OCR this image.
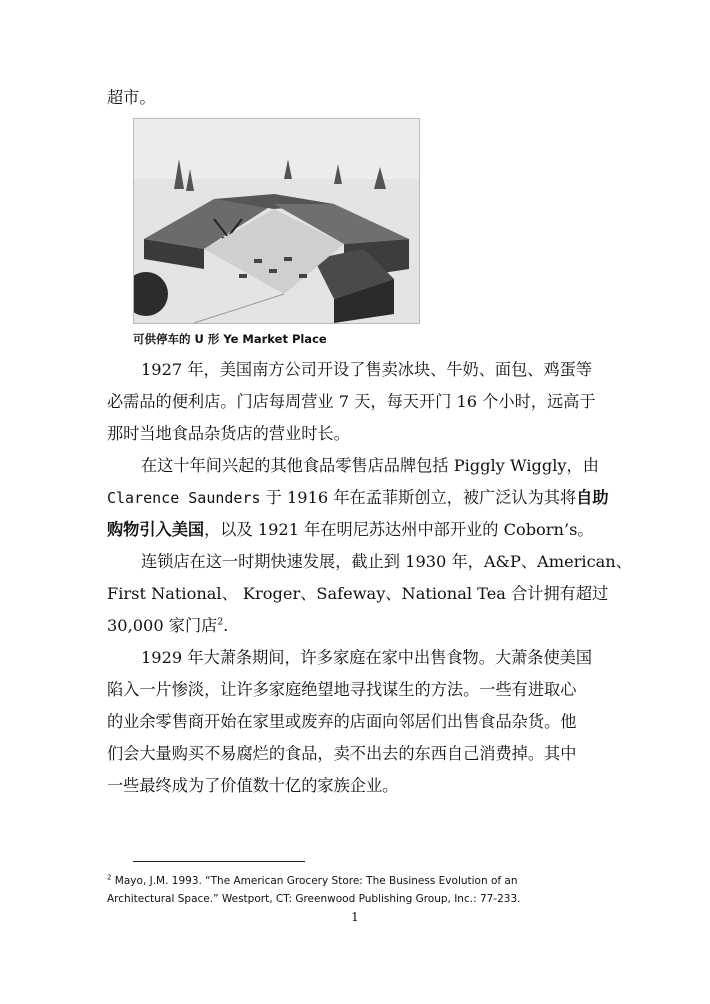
超市。
可供停车的 U 形 Ye Market Place
1927 年，美国南方公司开设了售卖冰块、牛奶、面包、鸡蛋等
必需品的便利店。门店每周营业 7 天，每天开门 16 个小时，远高于
那时当地食品杂货店的营业时长。
在这十年间兴起的其他食品零售店品牌包括 Piggly Wiggly，由
Clarence Saunders 于 1916 年在孟菲斯创立，被广泛认为其将自助
购物引入美国，以及 1921 年在明尼苏达州中部开业的 Coborn’s。
连锁店在这一时期快速发展，截止到 1930 年，A&P、American、
First National、 Kroger、Safeway、National Tea 合计拥有超过
30,000 家门店$^2$.
1929 年大萧条期间，许多家庭在家中出售食物。大萧条使美国
陷入一片惨淡，让许多家庭绝望地寻找谋生的方法。一些有进取心
的业余零售商开始在家里或废弃的店面向邻居们出售食品杂货。他
们会大量购买不易腐烂的食品，卖不出去的东西自己消费掉。其中
一些最终成为了价值数十亿的家族企业。
$^2$ Mayo, J.M. 1993. “The American Grocery Store: The Business Evolution of an
Architectural Space.” Westport, CT: Greenwood Publishing Group, Inc.: 77-233.
1
